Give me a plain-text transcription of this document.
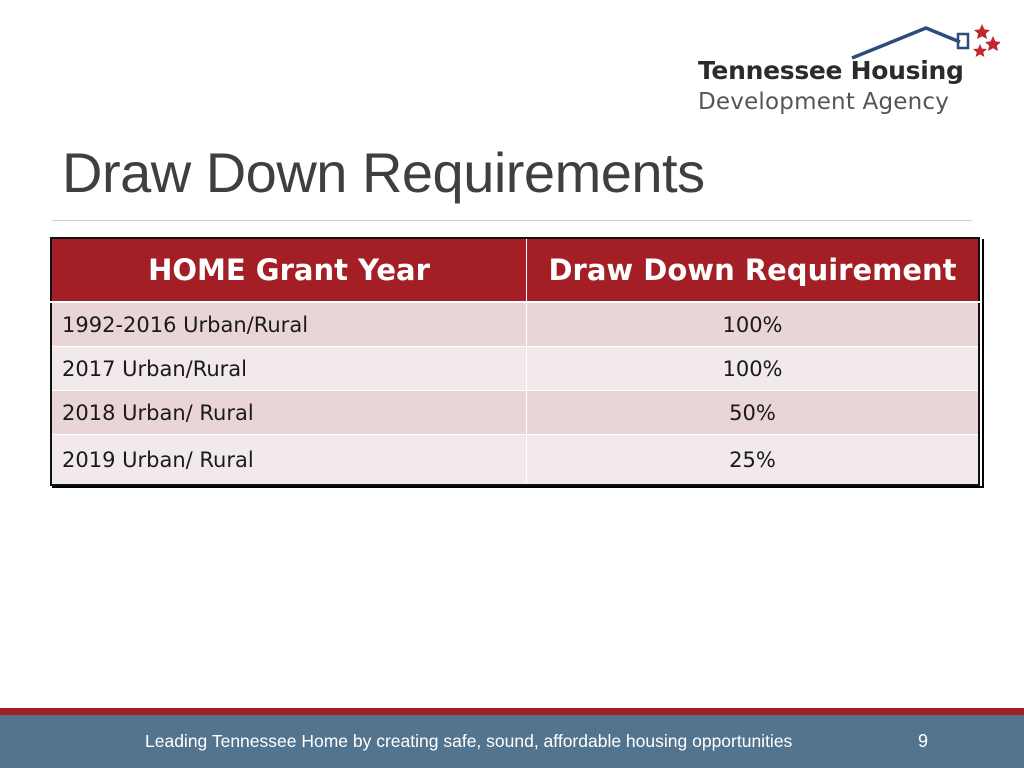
Tennessee Housing
Development Agency
Draw Down Requirements
HOME Grant Year	Draw Down Requirement
1992-2016 Urban/Rural	100%
2017 Urban/Rural	100%
2018 Urban/ Rural	50%
2019 Urban/ Rural	25%
Leading Tennessee Home by creating safe, sound, affordable housing opportunities	9
